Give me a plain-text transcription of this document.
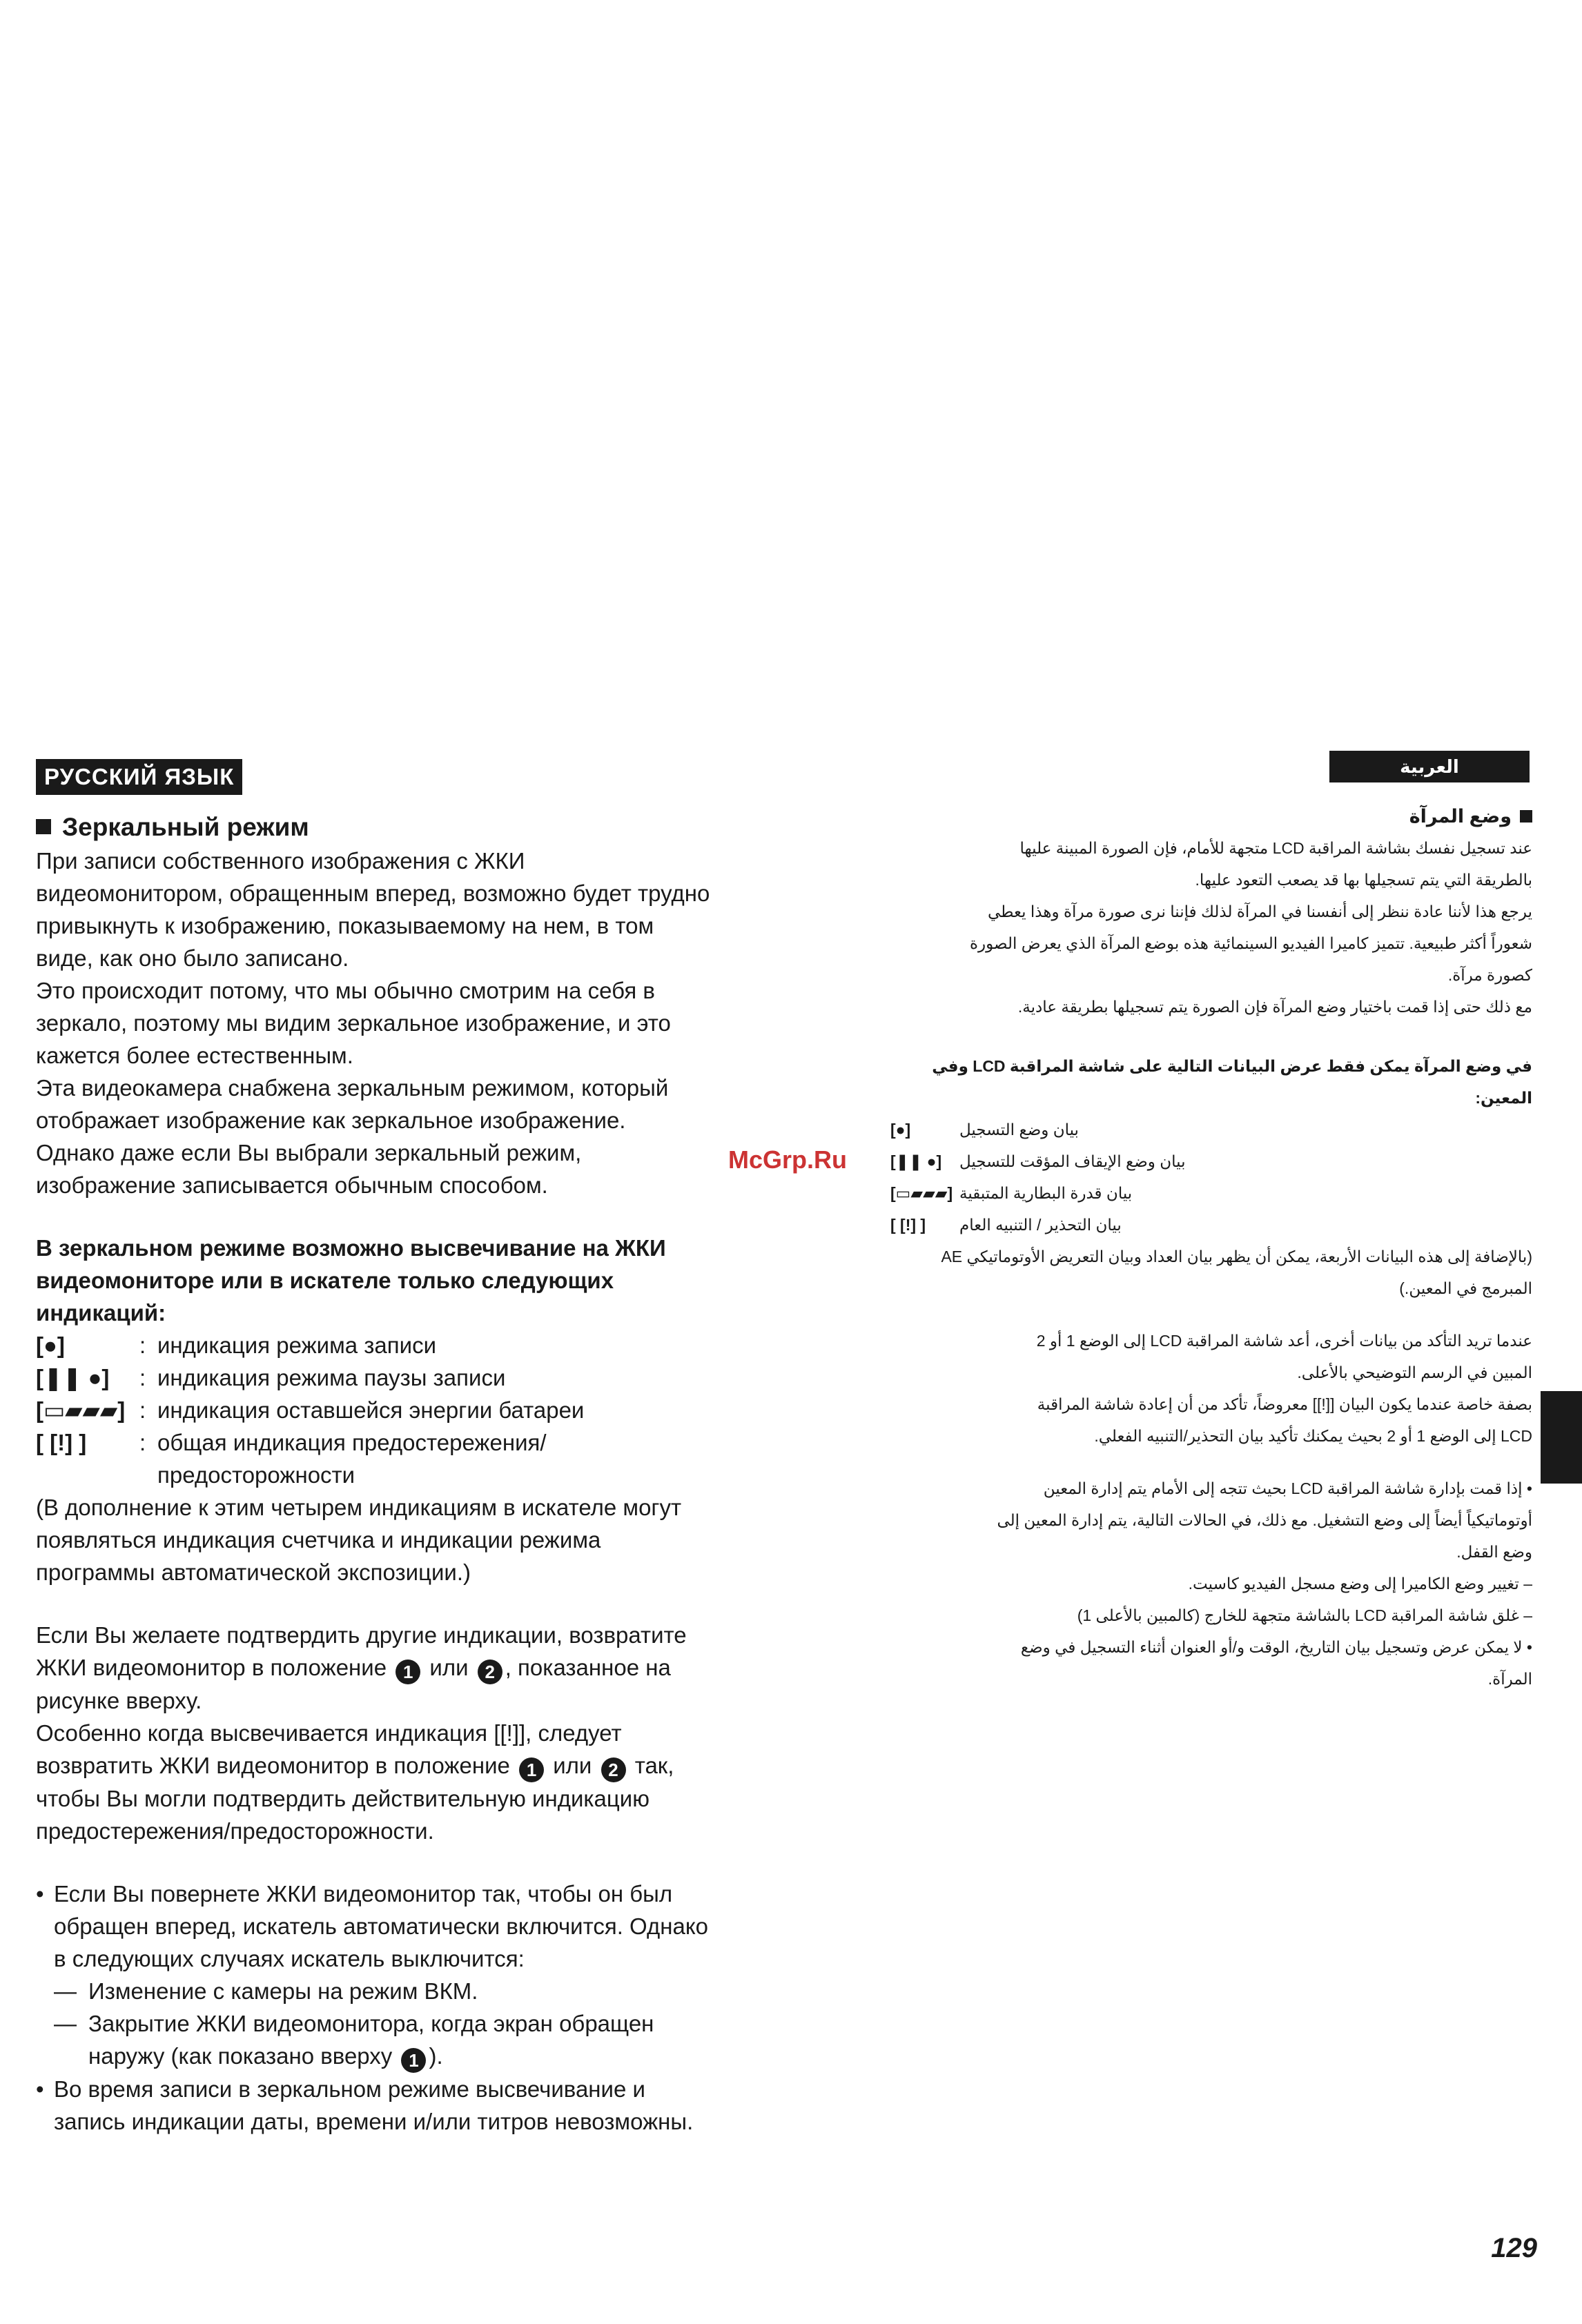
РУССКИЙ ЯЗЫК
Зеркальный режим

При записи собственного изображения с ЖКИ

видеомонитором, обращенным вперед, возможно будет трудно

привыкнуть к изображению, показываемому на нем, в том

виде, как оно было записано.

Это происходит потому, что мы обычно смотрим на себя в

зеркало, поэтому мы видим зеркальное изображение, и это

кажется более естественным.

Эта видеокамера снабжена зеркальным режимом, который

отображает изображение как зеркальное изображение.

Однако даже если Вы выбрали зеркальный режим,

изображение записывается обычным способом.

В зеркальном режиме возможно высвечивание на ЖКИ

видеомониторе или в искателе только следующих

индикаций:

[●]	: индикация режима записи
[❚❚ ●]	: индикация режима паузы записи
[▭▰▰▰] : индикация оставшейся энергии батареи
[ [!] ]	: общая индикация предостережения/
предосторожности

(В дополнение к этим четырем индикациям в искателе могут

появляться индикация счетчика и индикации режима

программы автоматической экспозиции.)

Если Вы желаете подтвердить другие индикации, возвратите

ЖКИ видеомонитор в положение 1 или 2 , показанное на

рисунке вверху.

Особенно когда высвечивается индикация [[!]], следует

возвратить ЖКИ видеомонитор в положение 1 или 2 так,

чтобы Вы могли подтвердить действительную индикацию

предостережения/предосторожности.

• Если Вы повернете ЖКИ видеомонитор так, чтобы он был

обращен вперед, искатель автоматически включится. Однако

в следующих случаях искатель выключится:

— Изменение с камеры на режим ВКМ.
— Закрытие ЖКИ видеомонитора, когда экран обращен

наружу (как показано вверху 1 ).

• Во время записи в зеркальном режиме высвечивание и

запись индикации даты, времени и/или титров невозможны.

العربية
وضع المرآة

عند تسجيل نفسك بشاشة المراقبة LCD متجهة للأمام، فإن الصورة المبينة عليها

بالطريقة التي يتم تسجيلها بها قد يصعب التعود عليها.

يرجع هذا لأننا عادة ننظر إلى أنفسنا في المرآة لذلك فإننا نرى صورة مرآة وهذا يعطي

شعوراً أكثر طبيعية. تتميز كاميرا الفيديو السينمائية هذه بوضع المرآة الذي يعرض الصورة

كصورة مرآة.

مع ذلك حتى إذا قمت باختيار وضع المرآة فإن الصورة يتم تسجيلها بطريقة عادية.

في وضع المرآة يمكن فقط عرض البيانات التالية على شاشة المراقبة LCD وفي المعين:

[●]	بيان وضع التسجيل
[❚❚ ●]	بيان وضع الإيقاف المؤقت للتسجيل
[▭▰▰▰] بيان قدرة البطارية المتبقية
[ [!] ]	بيان التحذير / التنبيه العام

(بالإضافة إلى هذه البيانات الأربعة، يمكن أن يظهر بيان العداد وبيان التعريض الأوتوماتيكي AE المبرمج في المعين.)

عندما تريد التأكد من بيانات أخرى، أعد شاشة المراقبة LCD إلى الوضع 1 أو 2

المبين في الرسم التوضيحي بالأعلى.

بصفة خاصة عندما يكون البيان [[!]] معروضاً، تأكد من أن إعادة شاشة المراقبة

LCD إلى الوضع 1 أو 2 بحيث يمكنك تأكيد بيان التحذير/التنبيه الفعلي.

• إذا قمت بإدارة شاشة المراقبة LCD بحيث تتجه إلى الأمام يتم إدارة المعين

أوتوماتيكياً أيضاً إلى وضع التشغيل. مع ذلك، في الحالات التالية، يتم إدارة المعين إلى

وضع القفل.

– تغيير وضع الكاميرا إلى وضع مسجل الفيديو كاسيت.

– غلق شاشة المراقبة LCD بالشاشة متجهة للخارج (كالمبين بالأعلى 1)

• لا يمكن عرض وتسجيل بيان التاريخ، الوقت و/أو العنوان أثناء التسجيل في وضع

المرآة.

McGrp.Ru
129
